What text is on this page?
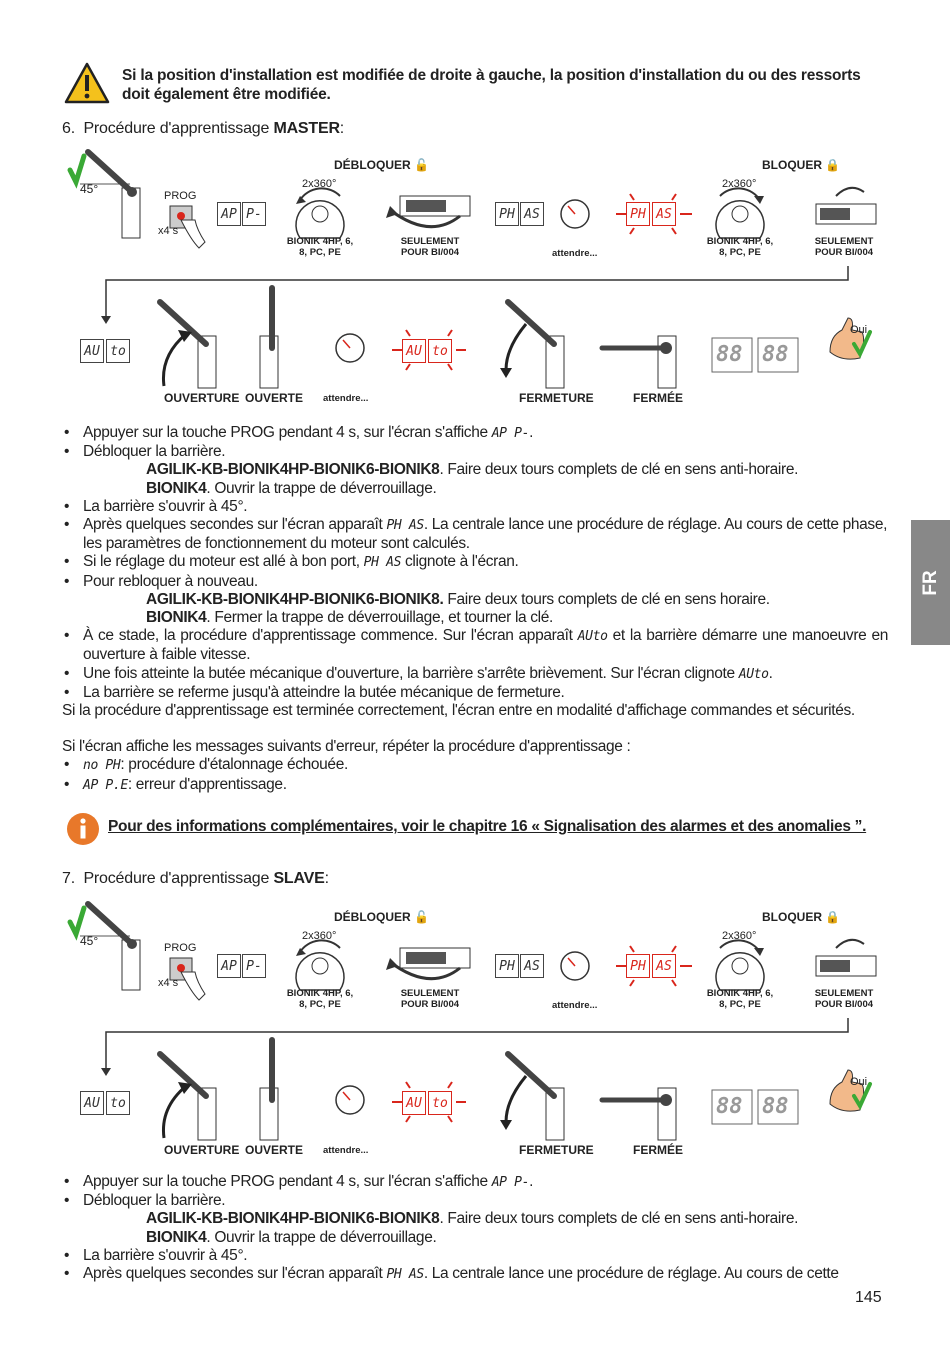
Si la position d'installation est modifiée de droite à gauche, la position d'installation du ou des ressorts doit également être modifiée.
6. Procédure d'apprentissage MASTER:
45°	PROG
x4 s
AP P-
DÉBLOQUER 🔓	BLOQUER 🔒
2x360°	2x360°
BIONIK 4HP, 6,
8, PC, PE
BIONIK 4HP, 6,
8, PC, PE
SEULEMENT
POUR BI/004
SEULEMENT
POUR BI/004
PH AS
attendre...
PH AS
AU to	AU to
OUVERTURE OUVERTE attendre...	FERMETURE	FERMÉE
88 88
Oui
• Appuyer sur la touche PROG pendant 4 s, sur l'écran s'affiche AP P-.
• Débloquer la barrière.
AGILIK-KB-BIONIK4HP-BIONIK6-BIONIK8. Faire deux tours complets de clé en sens anti-horaire.
BIONIK4. Ouvrir la trappe de déverrouillage.
• La barrière s'ouvrir à 45°.
• Après quelques secondes sur l'écran apparaît PH AS. La centrale lance une procédure de réglage. Au cours de cette phase, les paramètres de fonctionnement du moteur sont calculés.
• Si le réglage du moteur est allé à bon port, PH AS clignote à l'écran.
• Pour rebloquer à nouveau.
AGILIK-KB-BIONIK4HP-BIONIK6-BIONIK8. Faire deux tours complets de clé en sens horaire.
BIONIK4. Fermer la trappe de déverrouillage, et tourner la clé.
• À ce stade, la procédure d'apprentissage commence. Sur l'écran apparaît AUto et la barrière démarre une manoeuvre en ouverture à faible vitesse.
• Une fois atteinte la butée mécanique d'ouverture, la barrière s'arrête brièvement. Sur l'écran clignote AUto.
• La barrière se referme jusqu'à atteindre la butée mécanique de fermeture.
Si la procédure d'apprentissage est terminée correctement, l'écran entre en modalité d'affichage commandes et sécurités.
Si l'écran affiche les messages suivants d'erreur, répéter la procédure d'apprentissage :
• no PH: procédure d'étalonnage échouée.
• AP P.E: erreur d'apprentissage.
Pour des informations complémentaires, voir le chapitre 16 « Signalisation des alarmes et des anomalies ”.
7. Procédure d'apprentissage SLAVE:
45°	PROG
x4 s
AP P-
DÉBLOQUER 🔓	BLOQUER 🔒
2x360°	2x360°
BIONIK 4HP, 6,
8, PC, PE
BIONIK 4HP, 6,
8, PC, PE
SEULEMENT
POUR BI/004
SEULEMENT
POUR BI/004
PH AS
attendre...
PH AS
AU to	AU to
OUVERTURE OUVERTE attendre...	FERMETURE	FERMÉE
88 88
Oui
• Appuyer sur la touche PROG pendant 4 s, sur l'écran s'affiche AP P-.
• Débloquer la barrière.
AGILIK-KB-BIONIK4HP-BIONIK6-BIONIK8. Faire deux tours complets de clé en sens anti-horaire.
BIONIK4. Ouvrir la trappe de déverrouillage.
• La barrière s'ouvrir à 45°.
• Après quelques secondes sur l'écran apparaît PH AS. La centrale lance une procédure de réglage. Au cours de cette
FR
145
